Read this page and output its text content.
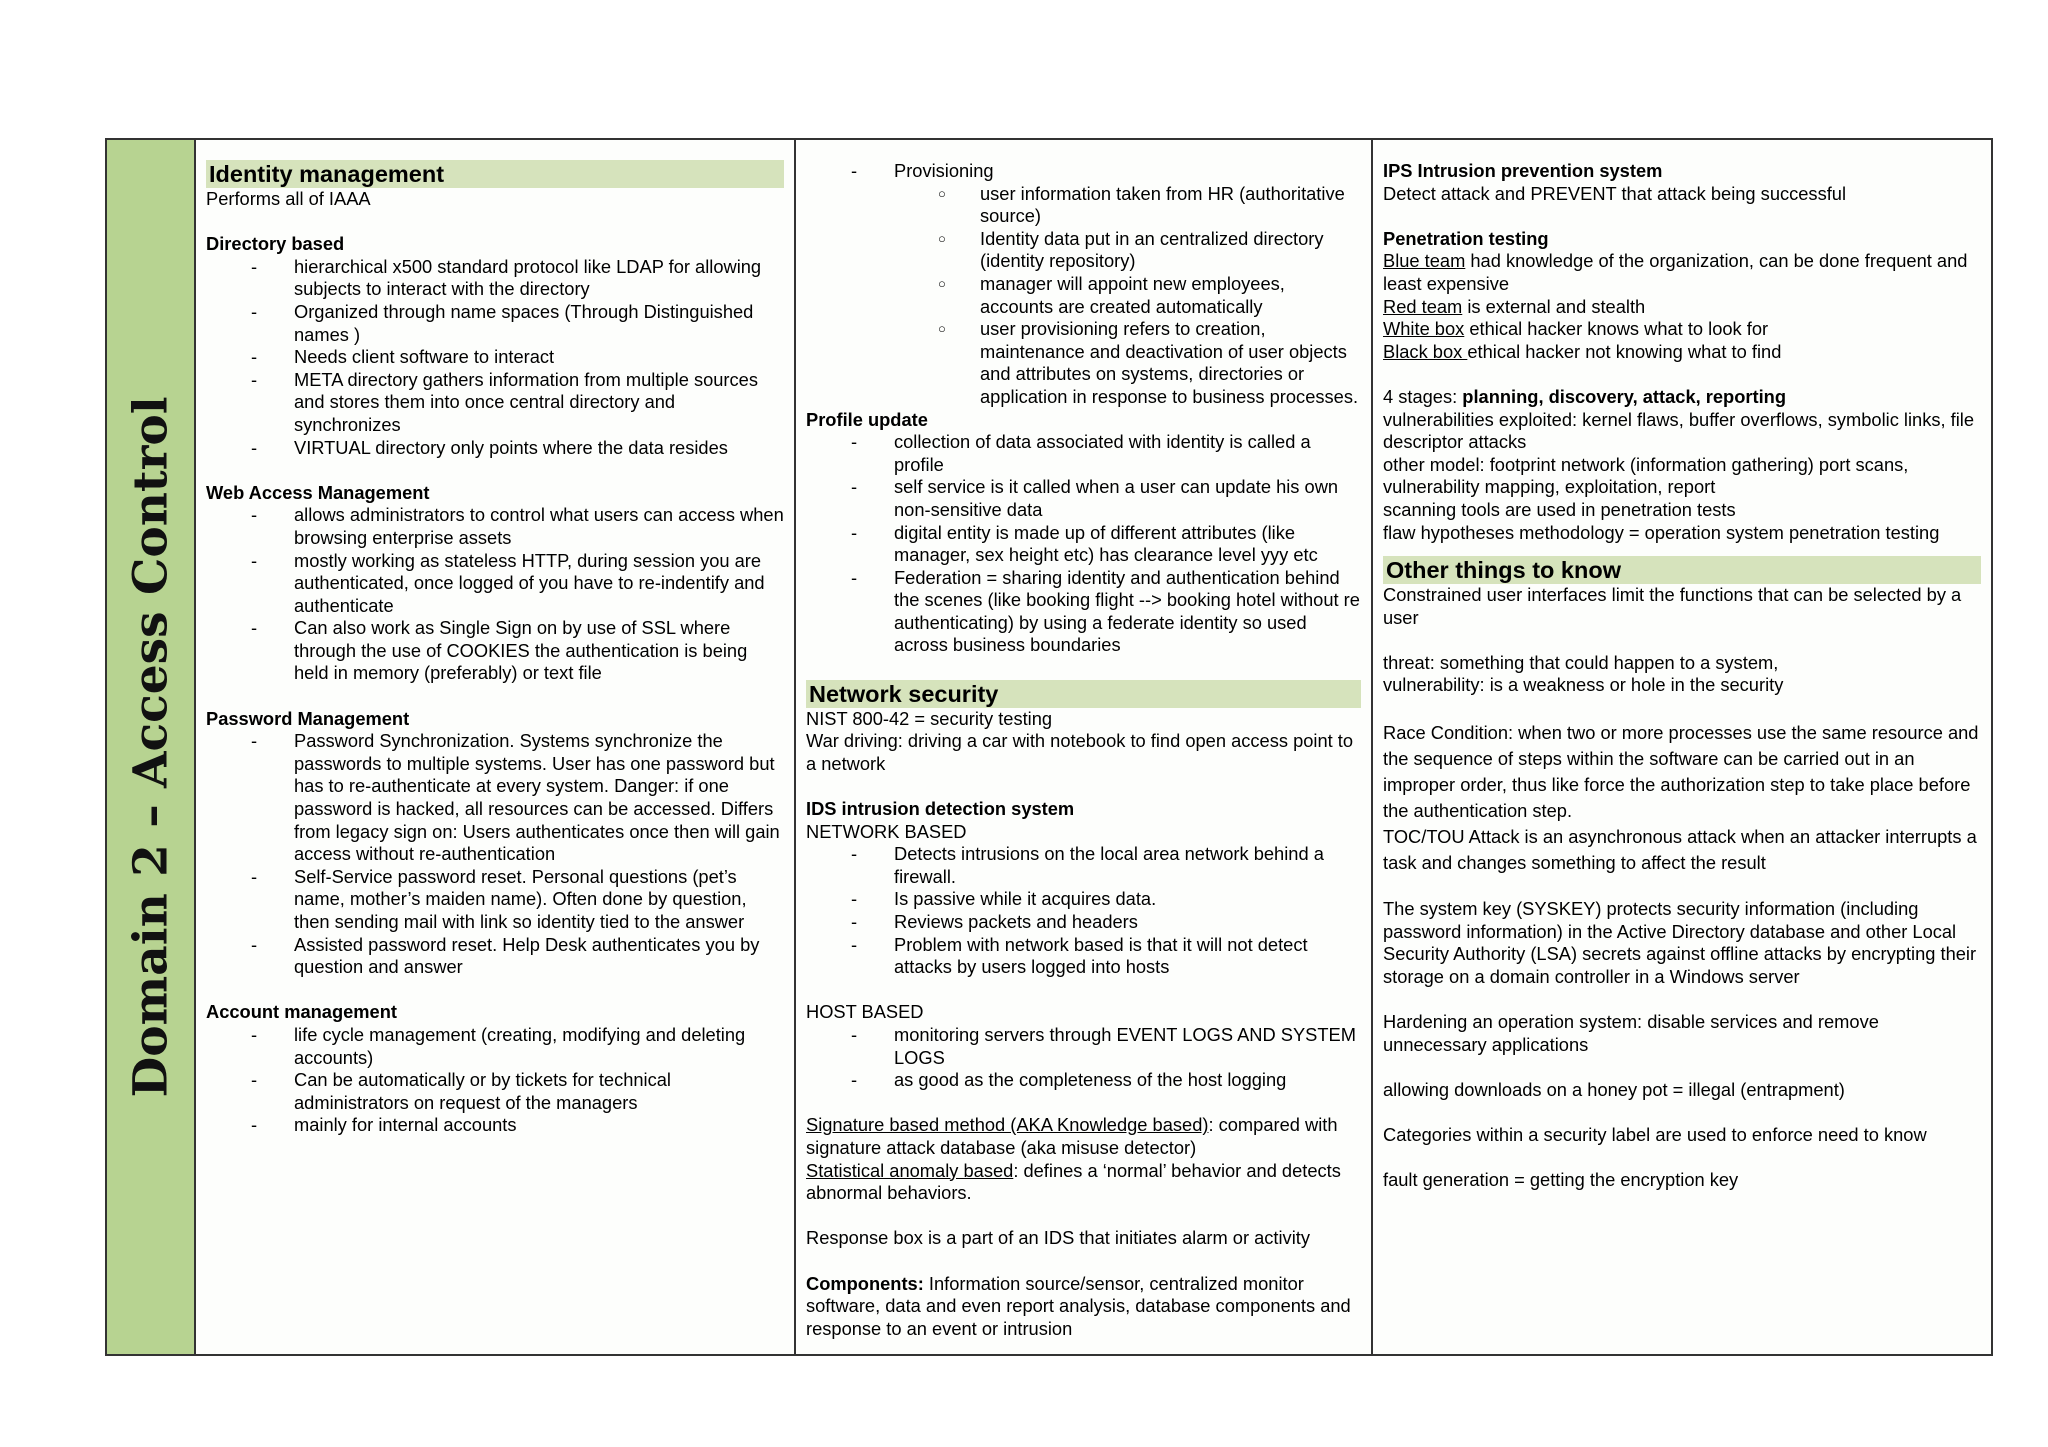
Domain 2 – Access Control

Identity management

Performs all of IAAA

Directory based

- hierarchical x500 standard protocol like LDAP for allowing subjects to interact with the directory
- Organized through name spaces (Through Distinguished names )
- Needs client software to interact
- META directory gathers information from multiple sources and stores them into once central directory and synchronizes
- VIRTUAL directory only points where the data resides

Web Access Management

- allows administrators to control what users can access when browsing enterprise assets
- mostly working as stateless HTTP, during session you are authenticated, once logged of you have to re-indentify and authenticate
- Can also work as Single Sign on by use of SSL where through the use of COOKIES the authentication is being held in memory (preferably) or text file

Password Management

- Password Synchronization. Systems synchronize the passwords to multiple systems. User has one password but has to re-authenticate at every system. Danger: if one password is hacked, all resources can be accessed. Differs from legacy sign on: Users authenticates once then will gain access without re-authentication
- Self-Service password reset. Personal questions (pet’s name, mother’s maiden name). Often done by question, then sending mail with link so identity tied to the answer
- Assisted password reset. Help Desk authenticates you by question and answer

Account management

- life cycle management (creating, modifying and deleting accounts)
- Can be automatically or by tickets for technical administrators on request of the managers
- mainly for internal accounts
- Provisioning
○ user information taken from HR (authoritative source)
○ Identity data put in an centralized directory (identity repository)
○ manager will appoint new employees, accounts are created automatically
○ user provisioning refers to creation, maintenance and deactivation of user objects and attributes on systems, directories or application in response to business processes.

Profile update

- collection of data associated with identity is called a profile
- self service is it called when a user can update his own non-sensitive data
- digital entity is made up of different attributes (like manager, sex height etc) has clearance level yyy etc
- Federation = sharing identity and authentication behind the scenes (like booking flight --> booking hotel without re authenticating) by using a federate identity so used across business boundaries

Network security

NIST 800-42 = security testing

War driving: driving a car with notebook to find open access point to a network

IDS intrusion detection system

NETWORK BASED

- Detects intrusions on the local area network behind a firewall.
- Is passive while it acquires data.
- Reviews packets and headers
- Problem with network based is that it will not detect attacks by users logged into hosts

HOST BASED

- monitoring servers through EVENT LOGS AND SYSTEM LOGS
- as good as the completeness of the host logging

Signature based method (AKA Knowledge based): compared with signature attack database (aka misuse detector)

Statistical anomaly based: defines a ‘normal’ behavior and detects abnormal behaviors.

Response box is a part of an IDS that initiates alarm or activity

Components: Information source/sensor, centralized monitor software, data and even report analysis, database components and response to an event or intrusion

IPS Intrusion prevention system

Detect attack and PREVENT that attack being successful

Penetration testing

Blue team had knowledge of the organization, can be done frequent and least expensive

Red team is external and stealth

White box ethical hacker knows what to look for

Black box ethical hacker not knowing what to find

4 stages: planning, discovery, attack, reporting

vulnerabilities exploited: kernel flaws, buffer overflows, symbolic links, file descriptor attacks

other model: footprint network (information gathering) port scans, vulnerability mapping, exploitation, report

scanning tools are used in penetration tests

flaw hypotheses methodology = operation system penetration testing

Other things to know

Constrained user interfaces limit the functions that can be selected by a user

threat: something that could happen to a system,

vulnerability: is a weakness or hole in the security

Race Condition: when two or more processes use the same resource and the sequence of steps within the software can be carried out in an improper order, thus like force the authorization step to take place before the authentication step.

TOC/TOU Attack is an asynchronous attack when an attacker interrupts a task and changes something to affect the result

The system key (SYSKEY) protects security information (including password information) in the Active Directory database and other Local Security Authority (LSA) secrets against offline attacks by encrypting their storage on a domain controller in a Windows server

Hardening an operation system: disable services and remove unnecessary applications

allowing downloads on a honey pot = illegal (entrapment)

Categories within a security label are used to enforce need to know

fault generation = getting the encryption key
